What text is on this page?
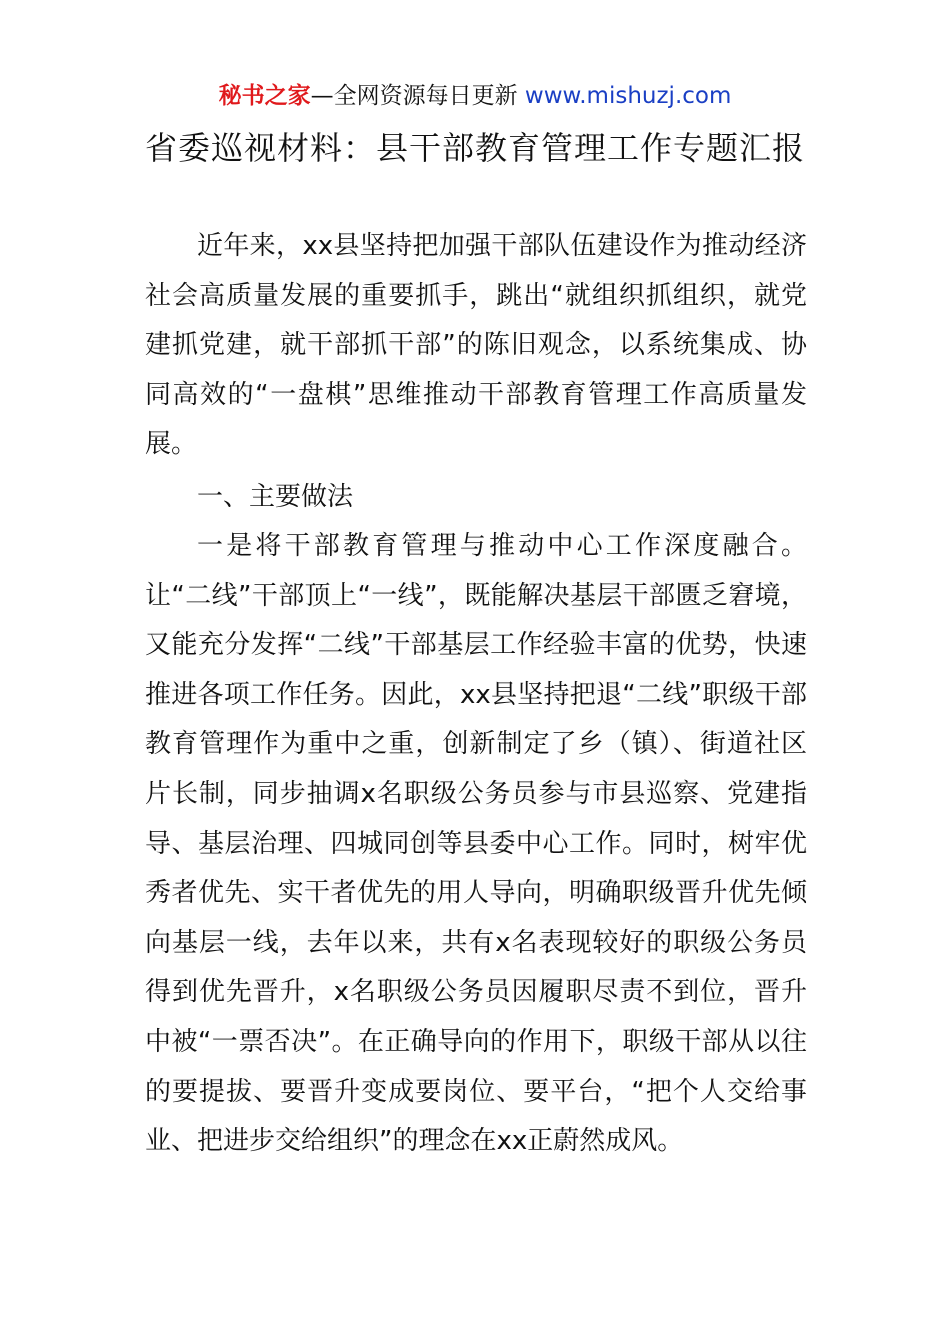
秘书之家—全网资源每日更新 www.mishuzj.com
省委巡视材料：县干部教育管理工作专题汇报

近年来，xx县坚持把加强干部队伍建设作为推动经济社会高质量发展的重要抓手，跳出“就组织抓组织，就党建抓党建，就干部抓干部”的陈旧观念，以系统集成、协同高效的“一盘棋”思维推动干部教育管理工作高质量发展。

一、主要做法

一是将干部教育管理与推动中心工作深度融合。让“二线”干部顶上“一线”，既能解决基层干部匮乏窘境，又能充分发挥“二线”干部基层工作经验丰富的优势，快速推进各项工作任务。因此，xx县坚持把退“二线”职级干部教育管理作为重中之重，创新制定了乡（镇）、街道社区片长制，同步抽调x名职级公务员参与市县巡察、党建指导、基层治理、四城同创等县委中心工作。同时，树牢优秀者优先、实干者优先的用人导向，明确职级晋升优先倾向基层一线，去年以来，共有x名表现较好的职级公务员得到优先晋升，x名职级公务员因履职尽责不到位，晋升中被“一票否决”。在正确导向的作用下，职级干部从以往的要提拔、要晋升变成要岗位、要平台，“把个人交给事业、把进步交给组织”的理念在xx正蔚然成风。
